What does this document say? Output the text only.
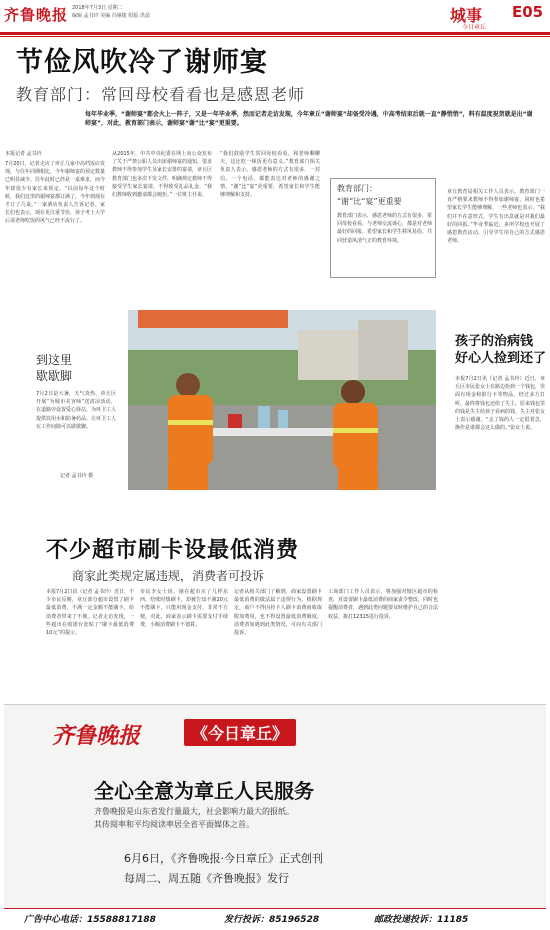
齐鲁晚报 2018年7月3日 星期二
编辑 孟书玲 美编 冯娅捷 组版 洪晨	城事 E05
今日章丘
节俭风吹冷了谢师宴
教育部门：常回母校看看也是感恩老师
每年毕业季，“谢师宴”都会火上一阵子，又是一年毕业季，然而记者走访发现，今年章丘“谢师宴”却备受冷遇，中高考结束后就一直“静悄悄”，料有温度祝贺就是出“谢师宴”，对此，教育部门表示，谢师宴“谢”比“宴”更重要。
本报记者 孟书玲
7月20日，记者走访了章丘几家中高档饭店发现，与往年同期相比，今年谢师宴的预定数量已明显减少，往年此时已经是一桌难求，而今年却很少有家长来预定。“以前每年这个时候，我们这里的谢师宴都订满了，今年到现在才订了几桌。”一家酒店负责人告诉记者。家长们也表示，现在更注重节俭，孩子考上大学后请老师吃饭的风气已经不流行了。
从2015年，中共中央纪委在网上向公众发布了关于严禁公职人员出席谢师宴的通知，要求教师不得参加学生及家长安排的宴请，章丘区教育部门也多次下发文件，明确规定教师不得接受学生家长宴请，不得收受礼品礼金。“我们教师收到邀请都会婉拒。”一位班主任说。
“我们鼓励学生常回母校看看，和老师聊聊天，这比吃一顿饭更有意义。”教育部门相关负责人表示，感恩老师的方式有很多，一封信、一个电话，都能表达对老师的感谢之情，“谢”比“宴”更重要，希望家长和学生能够理解和支持。
教育部门：
“谢”比“宴”更重要
教育部门表示，感恩老师的方式有很多，常回母校看看，与老师交流谈心，都是对老师最好的回报，希望家长和学生移风易俗，共同营造风清气正的教育环境。
章丘教育局相关工作人员表示，教育部门一直严格要求教师不得参加谢师宴，同时也希望家长学生能够理解，一些老师也表示，“我们并不在意形式，学生有出息就是对我们最好的回报。”毕业季临近，多所学校也开展了感恩教育活动，引导学生用自己的方式感恩老师。
到这里
歇歇脚
7月2日是大暑，天气炎热，章丘区开展“为城市美容师”送清凉活动，在道路旁设置爱心驿站，为环卫工人提供饮用水和防暑药品，让环卫工人在工作间隙可以歇歇脚。
记者 孟书玲 摄
孩子的治病钱
好心人捡到还了
本报7月2日讯（记者 孟书玲）近日，章丘区市民张女士在路边捡到一个钱包，里面有现金和银行卡等物品，经过多方打听，最终将钱包还给了失主。原来钱包里的钱是失主给孩子看病的钱，失主对张女士表示感谢。“丢了钱的人一定很着急，换作是谁都会这么做的。”张女士说。
不少超市刷卡设最低消费
商家此类规定属违规，消费者可投诉
本报7月2日讯（记者 孟书玲）近日，不少市民反映，章丘部分超市设置了刷卡最低消费，不满一定金额不能刷卡，给消费者带来了不便。记者走访发现，一些超市在收银台张贴了“刷卡最低消费10元”的提示。
市民李女士说，她在超市买了几样东西，结账时想刷卡，却被告知不满20元不能刷卡，只能用现金支付，非常不方便。对此，商家表示刷卡需要支付手续费，小额消费刷卡不划算。
记者从相关部门了解到，商家设置刷卡最低消费的做法属于违规行为，根据规定，商户不得因持卡人刷卡消费而收取附加费用，也不得设置最低消费额度。消费者如遇到此类情况，可向有关部门投诉。
工商部门工作人员表示，将加强对辖区超市的检查，对设置刷卡最低消费的商家责令整改，同时也提醒消费者，遇到此类问题要及时维护自己的合法权益，拨打12315进行投诉。
齐鲁晚报	《今日章丘》
全心全意为章丘人民服务
齐鲁晚报是山东省发行量最大，社会影响力最大的报纸。
其传阅率和平均阅读率居全省平面媒体之首。
6月6日，《齐鲁晚报·今日章丘》正式创刊
每周二、周五随《齐鲁晚报》发行
广告中心电话：15588817188	发行投诉：85196528	邮政投递投诉：11185
